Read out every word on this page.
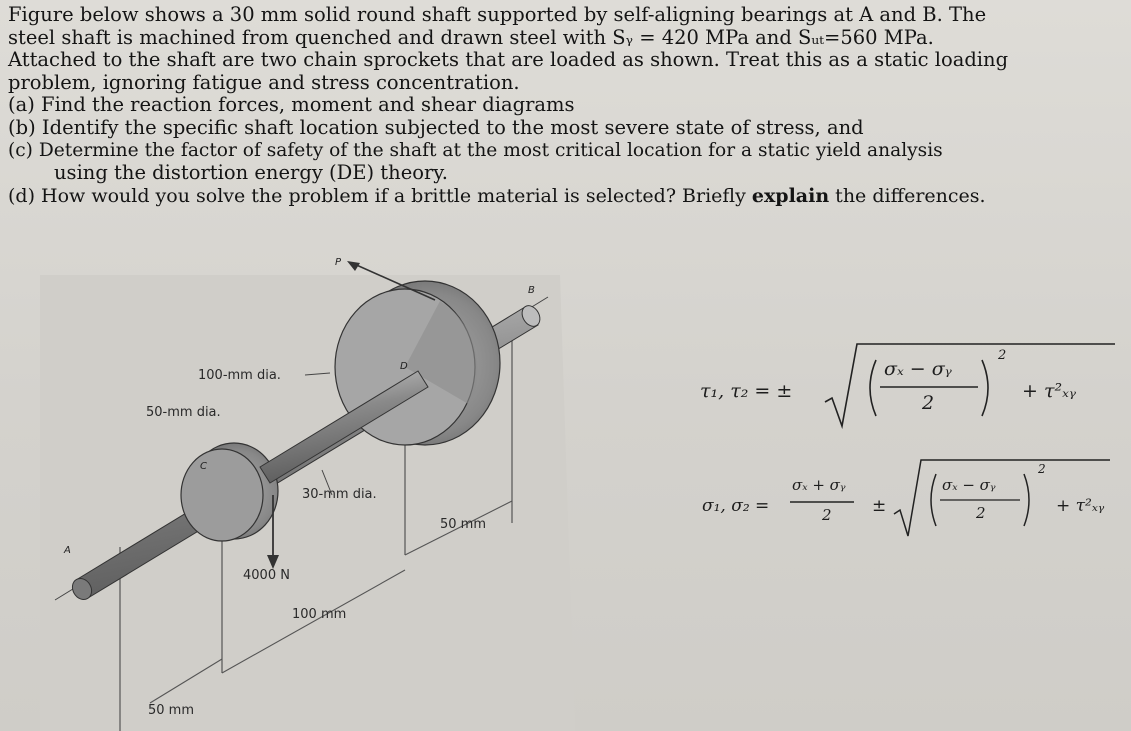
Figure below shows a 30 mm solid round shaft supported by self-aligning bearings at A and B. The

steel shaft is machined from quenched and drawn steel with Sᵧ = 420 MPa and Sᵤₜ=560 MPa.

Attached to the shaft are two chain sprockets that are loaded as shown. Treat this as a static loading

problem, ignoring fatigue and stress concentration.

(a) Find the reaction forces, moment and shear diagrams

(b) Identify the specific shaft location subjected to the most severe state of stress, and

(c) Determine the factor of safety of the shaft at the most critical location for a static yield analysis

using the distortion energy (DE) theory.

(d) How would you solve the problem if a brittle material is selected? Briefly explain the differences.

100-mm dia.
50-mm dia.
30-mm dia.
4000 N
50 mm
100 mm
50 mm
A
B
C
D
P
τ₁, τ₂ = ±
σₓ − σᵧ
2
2
+ τ²ₓᵧ
σ₁, σ₂ =
σₓ + σᵧ
2 ±
σₓ − σᵧ
2
2
+ τ²ₓᵧ
